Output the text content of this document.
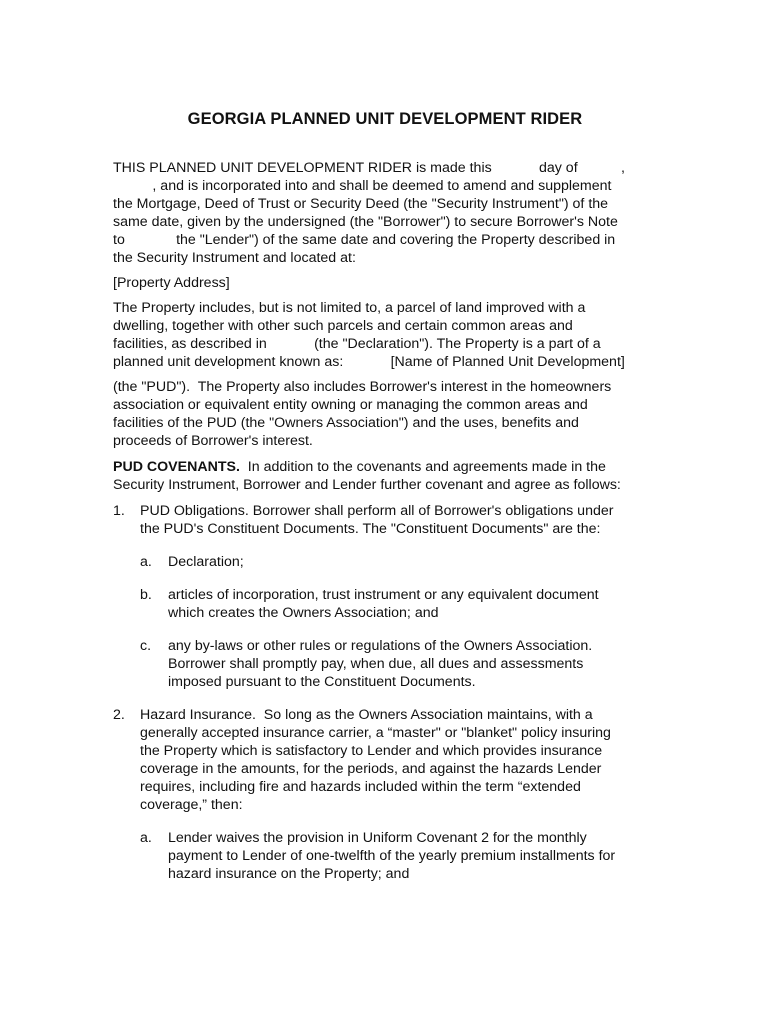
GEORGIA PLANNED UNIT DEVELOPMENT RIDER
THIS PLANNED UNIT DEVELOPMENT RIDER is made this            day of           ,
, and is incorporated into and shall be deemed to amend and supplement
the Mortgage, Deed of Trust or Security Deed (the "Security Instrument") of the
same date, given by the undersigned (the "Borrower") to secure Borrower's Note
to             the "Lender") of the same date and covering the Property described in
the Security Instrument and located at:
[Property Address]
The Property includes, but is not limited to, a parcel of land improved with a
dwelling, together with other such parcels and certain common areas and
facilities, as described in            (the "Declaration"). The Property is a part of a
planned unit development known as:            [Name of Planned Unit Development]
(the "PUD").  The Property also includes Borrower's interest in the homeowners
association or equivalent entity owning or managing the common areas and
facilities of the PUD (the "Owners Association") and the uses, benefits and
proceeds of Borrower's interest.
PUD COVENANTS.  In addition to the covenants and agreements made in the
Security Instrument, Borrower and Lender further covenant and agree as follows:
1. PUD Obligations. Borrower shall perform all of Borrower's obligations under
the PUD's Constituent Documents. The "Constituent Documents" are the:
a. Declaration;
b. articles of incorporation, trust instrument or any equivalent document
which creates the Owners Association; and
c. any by-laws or other rules or regulations of the Owners Association.
Borrower shall promptly pay, when due, all dues and assessments
imposed pursuant to the Constituent Documents.
2. Hazard Insurance.  So long as the Owners Association maintains, with a
generally accepted insurance carrier, a “master" or "blanket" policy insuring
the Property which is satisfactory to Lender and which provides insurance
coverage in the amounts, for the periods, and against the hazards Lender
requires, including fire and hazards included within the term “extended
coverage,” then:
a. Lender waives the provision in Uniform Covenant 2 for the monthly
payment to Lender of one-twelfth of the yearly premium installments for
hazard insurance on the Property; and
